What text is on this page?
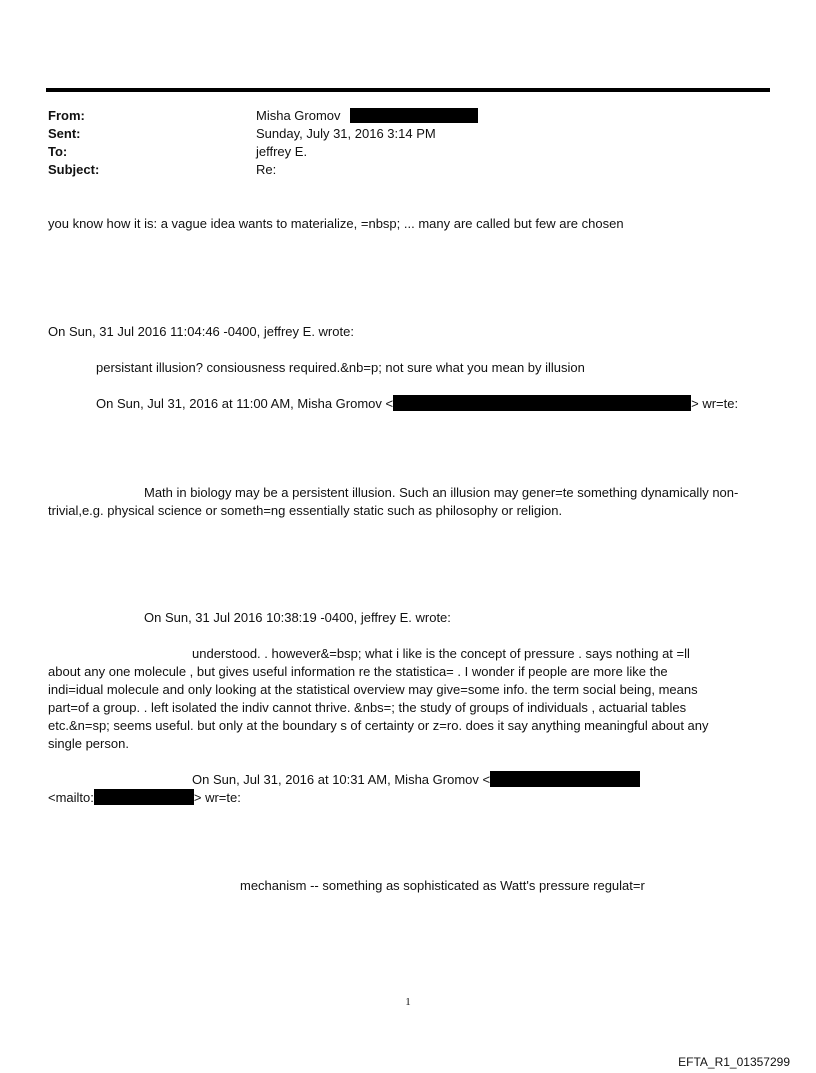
From:	Misha Gromov
Sent:	Sunday, July 31, 2016 3:14 PM
To:	jeffrey E.
Subject:	Re:
you know how it is: a vague idea wants to materialize, =nbsp; ... many are called but few are chosen
On Sun, 31 Jul 2016 11:04:46 -0400, jeffrey E. wrote:
persistant illusion? consiousness required.&nb=p; not sure what you mean by illusion
On Sun, Jul 31, 2016 at 11:00 AM, Misha Gromov <	> wr=te:
Math in biology may be a persistent illusion. Such an illusion may gener=te something dynamically non-
trivial,e.g. physical science or someth=ng essentially static such as philosophy or religion.
On Sun, 31 Jul 2016 10:38:19 -0400, jeffrey E. wrote:
understood. . however&=bsp; what i like is the concept of pressure . says nothing at =ll
about any one molecule , but gives useful information re the statistica= . I wonder if people are more like the
indi=idual molecule and only looking at the statistical overview may give=some info. the term social being, means
part=of a group. . left isolated the indiv cannot thrive. &nbs=; the study of groups of individuals , actuarial tables
etc.&n=sp; seems useful. but only at the boundary s of certainty or z=ro. does it say anything meaningful about any
single person.
On Sun, Jul 31, 2016 at 10:31 AM, Misha Gromov <
<mailto:	> wr=te:
mechanism -- something as sophisticated as Watt's pressure regulat=r
1
EFTA_R1_01357299
